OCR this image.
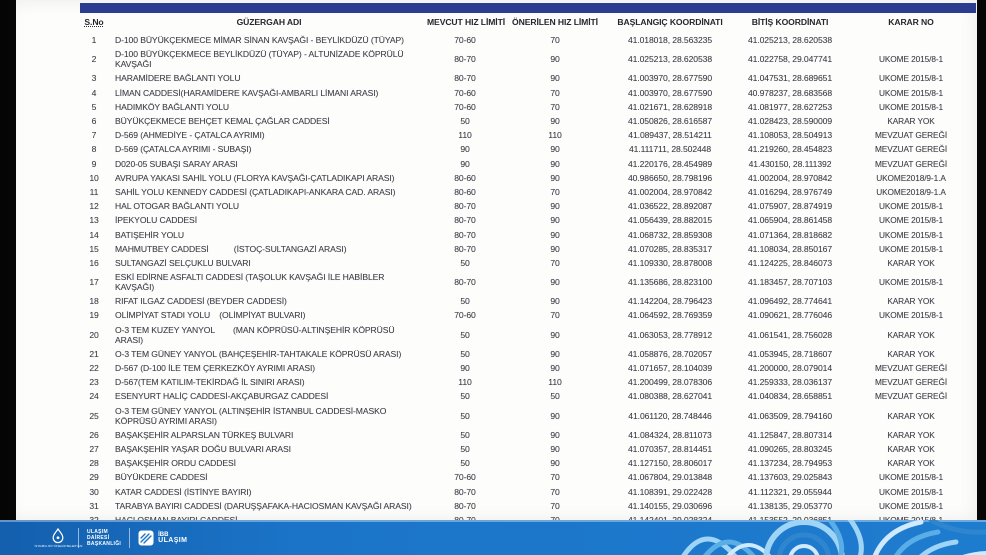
S.No	GÜZERGAH ADI	MEVCUT HIZ LİMİTİ	ÖNERİLEN HIZ LİMİTİ	BAŞLANGIÇ KOORDİNATI	BİTİŞ KOORDİNATI	KARAR NO
1	D-100 BÜYÜKÇEKMECE MİMAR SİNAN KAVŞAĞI - BEYLİKDÜZÜ (TÜYAP)	70-60	70	41.018018, 28.563235	41.025213, 28.620538	
2	D-100 BÜYÜKÇEKMECE BEYLİKDÜZÜ (TÜYAP) - ALTUNİZADE KÖPRÜLÜ KAVŞAĞI	80-70	90	41.025213, 28.620538	41.022758, 29.047741	UKOME 2015/8-1
3	HARAMİDERE BAĞLANTI YOLU	80-70	90	41.003970, 28.677590	41.047531, 28.689651	UKOME 2015/8-1
4	LİMAN CADDESİ(HARAMİDERE KAVŞAĞI-AMBARLI LİMANI ARASI)	70-60	70	41.003970, 28.677590	40.978237, 28.683568	UKOME 2015/8-1
5	HADIMKÖY BAĞLANTI YOLU	70-60	70	41.021671, 28.628918	41.081977, 28.627253	UKOME 2015/8-1
6	BÜYÜKÇEKMECE BEHÇET KEMAL ÇAĞLAR CADDESİ	50	90	41.050826, 28.616587	41.028423, 28.590009	KARAR YOK
7	D-569 (AHMEDİYE - ÇATALCA AYRIMI)	110	110	41.089437, 28.514211	41.108053, 28.504913	MEVZUAT GEREĞİ
8	D-569 (ÇATALCA AYRIMI - SUBAŞI)	90	90	41.111711, 28.502448	41.219260, 28.454823	MEVZUAT GEREĞİ
9	D020-05 SUBAŞI SARAY ARASI	90	90	41.220176, 28.454989	41.430150, 28.111392	MEVZUAT GEREĞİ
10	AVRUPA YAKASI SAHİL YOLU (FLORYA KAVŞAĞI-ÇATLADIKAPI ARASI)	80-60	90	40.986650, 28.798196	41.002004, 28.970842	UKOME2018/9-1.A
11	SAHİL YOLU KENNEDY CADDESİ (ÇATLADIKAPI-ANKARA CAD. ARASI)	80-60	70	41.002004, 28.970842	41.016294, 28.976749	UKOME2018/9-1.A
12	HAL OTOGAR BAĞLANTI YOLU	80-70	90	41.036522, 28.892087	41.075907, 28.874919	UKOME 2015/8-1
13	İPEKYOLU CADDESİ	80-70	90	41.056439, 28.882015	41.065904, 28.861458	UKOME 2015/8-1
14	BATIŞEHİR YOLU	80-70	90	41.068732, 28.859308	41.071364, 28.818682	UKOME 2015/8-1
15	MAHMUTBEY CADDESİ           (İSTOÇ-SULTANGAZİ ARASI)	80-70	90	41.070285, 28.835317	41.108034, 28.850167	UKOME 2015/8-1
16	SULTANGAZİ SELÇUKLU BULVARI	50	70	41.109330, 28.878008	41.124225, 28.846073	KARAR YOK
17	ESKİ EDİRNE ASFALTI CADDESİ (TAŞOLUK KAVŞAĞI İLE HABİBLER KAVŞAĞI)	80-70	90	41.135686, 28.823100	41.183457, 28.707103	UKOME 2015/8-1
18	RIFAT ILGAZ CADDESİ (BEYDER CADDESİ)	50	90	41.142204, 28.796423	41.096492, 28.774641	KARAR YOK
19	OLİMPİYAT STADI YOLU    (OLİMPİYAT BULVARI)	70-60	70	41.064592, 28.769359	41.090621, 28.776046	UKOME 2015/8-1
20	O-3 TEM KUZEY YANYOL        (MAN KÖPRÜSÜ-ALTINŞEHİR KÖPRÜSÜ ARASI)	50	90	41.063053, 28.778912	41.061541, 28.756028	KARAR YOK
21	O-3 TEM GÜNEY YANYOL (BAHÇEŞEHİR-TAHTAKALE KÖPRÜSÜ ARASI)	50	90	41.058876, 28.702057	41.053945, 28.718607	KARAR YOK
22	D-567 (D-100 İLE TEM ÇERKEZKÖY AYRIMI ARASI)	90	90	41.071657, 28.104039	41.200000, 28.079014	MEVZUAT GEREĞİ
23	D-567(TEM KATILIM-TEKİRDAĞ İL SINIRI ARASI)	110	110	41.200499, 28.078306	41.259333, 28.036137	MEVZUAT GEREĞİ
24	ESENYURT HALİÇ CADDESİ-AKÇABURGAZ CADDESİ	50	50	41.080388, 28.627041	41.040834, 28.658851	MEVZUAT GEREĞİ
25	O-3 TEM GÜNEY YANYOL (ALTINŞEHİR İSTANBUL CADDESİ-MASKO KÖPRÜSÜ AYRIMI ARASI)	50	90	41.061120, 28.748446	41.063509, 28.794160	KARAR YOK
26	BAŞAKŞEHİR ALPARSLAN TÜRKEŞ BULVARI	50	90	41.084324, 28.811073	41.125847, 28.807314	KARAR YOK
27	BAŞAKŞEHİR YAŞAR DOĞU BULVARI ARASI	50	90	41.070357, 28.814451	41.090265, 28.803245	KARAR YOK
28	BAŞAKŞEHİR ORDU CADDESİ	50	90	41.127150, 28.806017	41.137234, 28.794953	KARAR YOK
29	BÜYÜKDERE CADDESİ	70-60	70	41.067804, 29.013848	41.137603, 29.025843	UKOME 2015/8-1
30	KATAR CADDESİ (İSTİNYE BAYIRI)	80-70	70	41.108391, 29.022428	41.112321, 29.055944	UKOME 2015/8-1
31	TARABYA BAYIRI CADDESİ (DARUŞŞAFAKA-HACIOSMAN KAVŞAĞI ARASI)	80-70	70	41.140155, 29.030696	41.138135, 29.053770	UKOME 2015/8-1

İSTANBUL BÜYÜKŞEHİR BELEDİYESİ
ULAŞIM
DAİRESİ
BAŞKANLIĞI
İBB
ULAŞIM
